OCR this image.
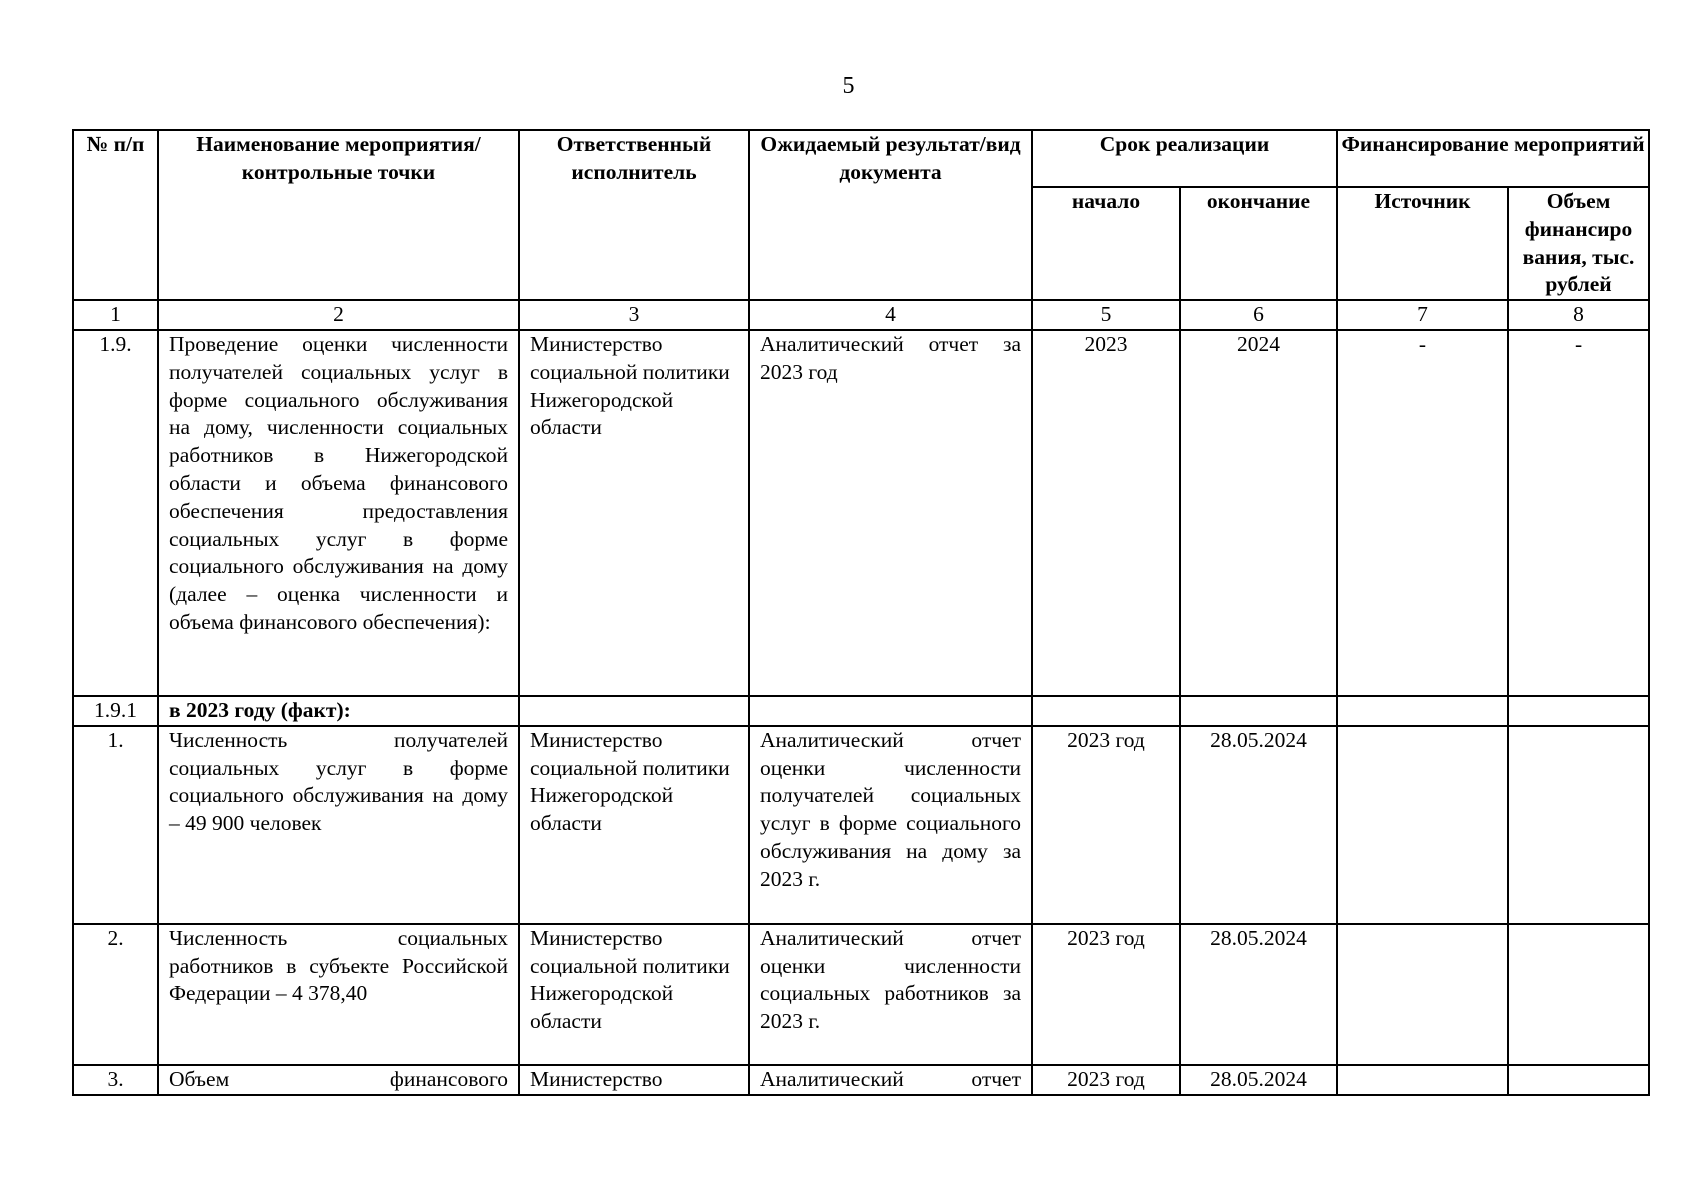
5
№ п/п	Наименование мероприятия/ контрольные точки	Ответственный исполнитель	Ожидаемый результат/вид документа	Срок реализации		Финансирование мероприятий	
				начало	окончание	Источник	Объем финансиро вания, тыс. рублей
1	2	3	4	5	6	7	8
1.9.	Проведение оценки численности получателей социальных услуг в форме социального обслуживания на дому, численности социальных работников в Нижегородской области и объема финансового обеспечения предоставления социальных услуг в форме социального обслуживания на дому (далее – оценка численности и объема финансового обеспечения):	Министерство социальной политики Нижегородской области	Аналитический отчет за 2023 год	2023	2024	-	-
1.9.1	в 2023 году (факт):						
1.	Численность получателей социальных услуг в форме социального обслуживания на дому – 49 900 человек	Министерство социальной политики Нижегородской области	Аналитический отчет оценки численности получателей социальных услуг в форме социального обслуживания на дому за 2023 г.	2023 год	28.05.2024		
2.	Численность социальных работников в субъекте Российской Федерации – 4 378,40	Министерство социальной политики Нижегородской области	Аналитический отчет оценки численности социальных работников за 2023 г.	2023 год	28.05.2024		
3.	Объем финансового	Министерство	Аналитический отчет	2023 год	28.05.2024		
